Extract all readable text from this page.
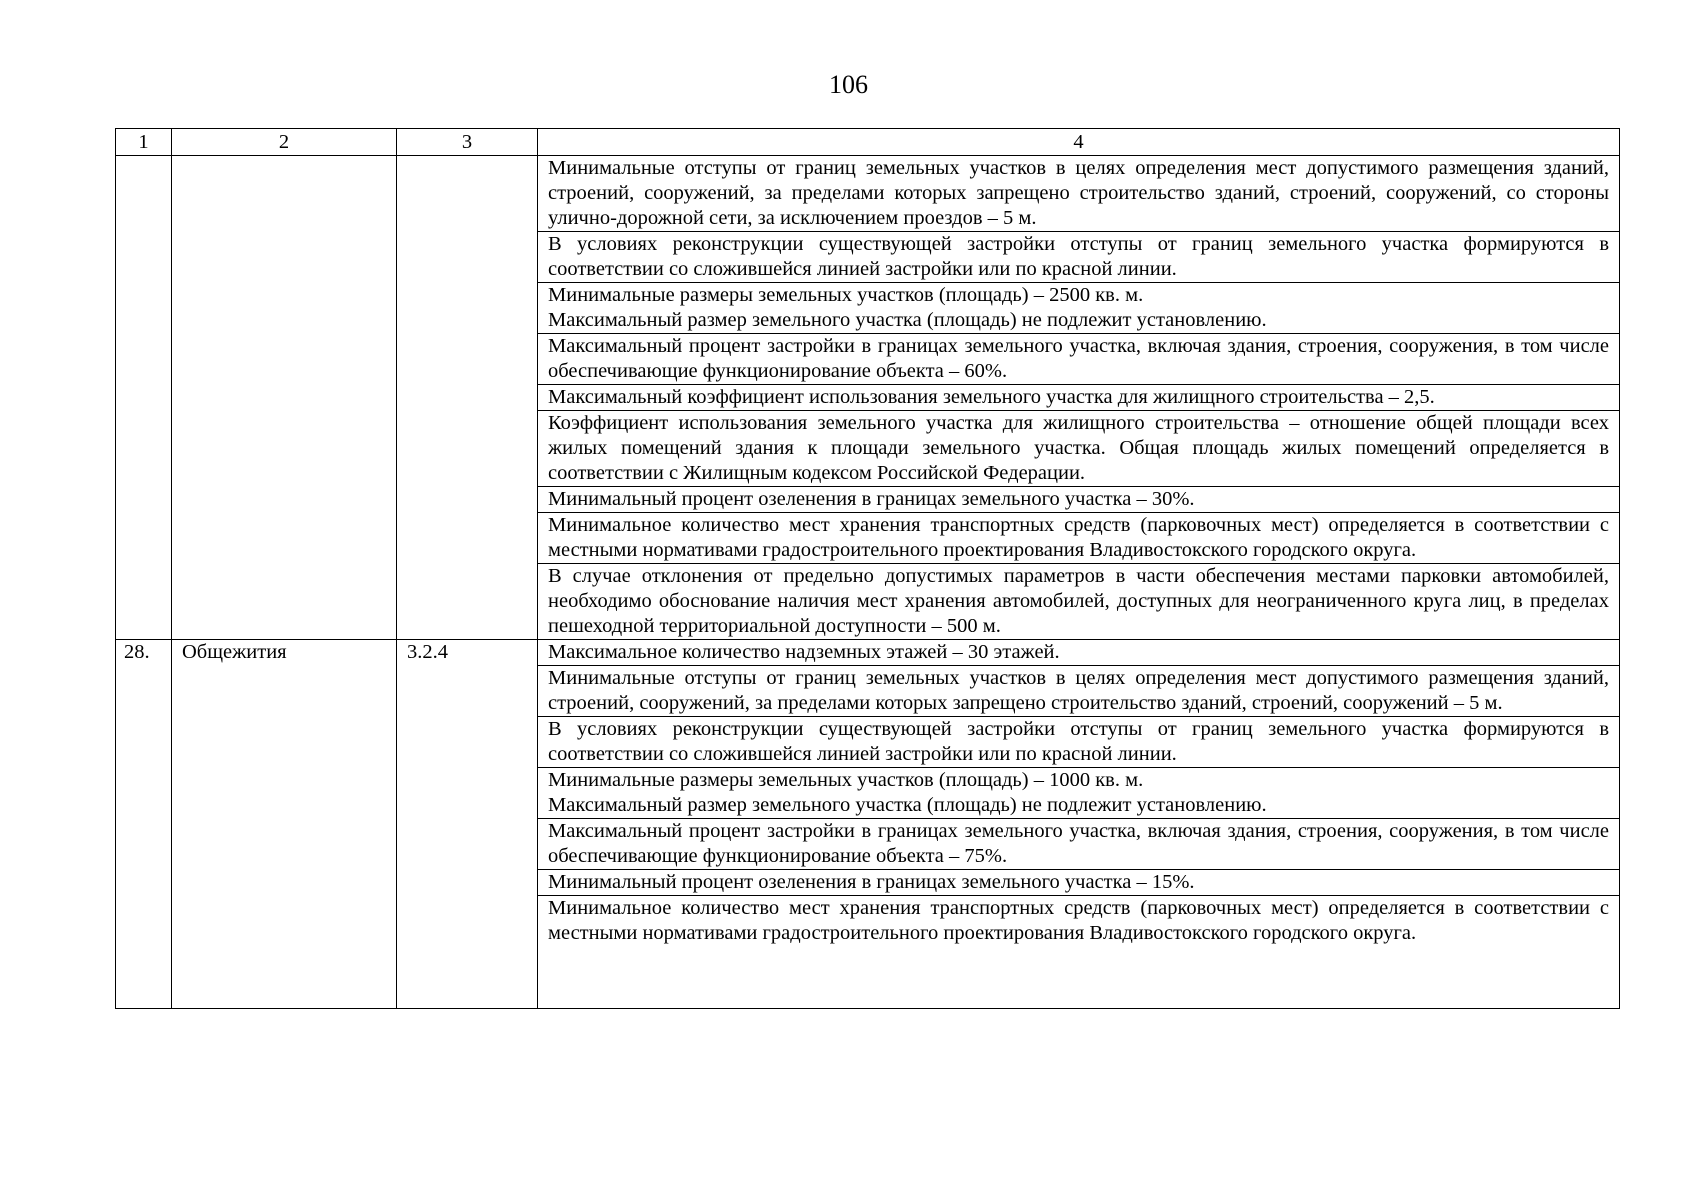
106
1	2	3	4
			Минимальные отступы от границ земельных участков в целях определения мест допустимого размещения зданий, строений, сооружений, за пределами которых запрещено строительство зданий, строений, сооружений, со стороны улично-дорожной сети, за исключением проездов – 5 м.
			В условиях реконструкции существующей застройки отступы от границ земельного участка формируются в соответствии со сложившейся линией застройки или по красной линии.
			Минимальные размеры земельных участков (площадь) – 2500 кв. м.
Максимальный размер земельного участка (площадь) не подлежит установлению.
			Максимальный процент застройки в границах земельного участка, включая здания, строения, сооружения, в том числе обеспечивающие функционирование объекта – 60%.
			Максимальный коэффициент использования земельного участка для жилищного строительства – 2,5.
			Коэффициент использования земельного участка для жилищного строительства – отношение общей площади всех жилых помещений здания к площади земельного участка. Общая площадь жилых помещений определяется в соответствии с Жилищным кодексом Российской Федерации.
			Минимальный процент озеленения в границах земельного участка – 30%.
			Минимальное количество мест хранения транспортных средств (парковочных мест) определяется в соответствии с местными нормативами градостроительного проектирования Владивостокского городского округа.
			В случае отклонения от предельно допустимых параметров в части обеспечения местами парковки автомобилей, необходимо обоснование наличия мест хранения автомобилей, доступных для неограниченного круга лиц, в пределах пешеходной территориальной доступности – 500 м.
28.	Общежития	3.2.4	Максимальное количество надземных этажей – 30 этажей.
			Минимальные отступы от границ земельных участков в целях определения мест допустимого размещения зданий, строений, сооружений, за пределами которых запрещено строительство зданий, строений, сооружений – 5 м.
			В условиях реконструкции существующей застройки отступы от границ земельного участка формируются в соответствии со сложившейся линией застройки или по красной линии.
			Минимальные размеры земельных участков (площадь) – 1000 кв. м.
Максимальный размер земельного участка (площадь) не подлежит установлению.
			Максимальный процент застройки в границах земельного участка, включая здания, строения, сооружения, в том числе обеспечивающие функционирование объекта – 75%.
			Минимальный процент озеленения в границах земельного участка – 15%.
			Минимальное количество мест хранения транспортных средств (парковочных мест) определяется в соответствии с местными нормативами градостроительного проектирования Владивостокского городского округа.
